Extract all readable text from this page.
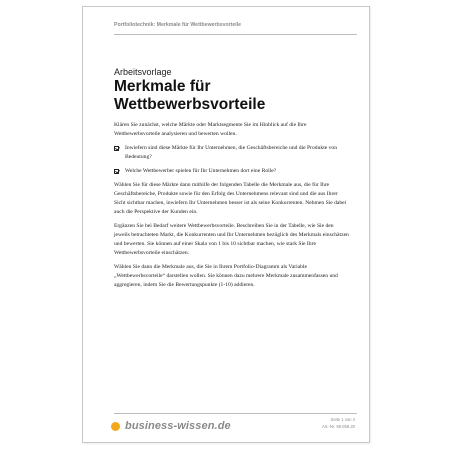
Portfoliotechnik: Merkmale für Wettbewerbsvorteile
Arbeitsvorlage
Merkmale für Wettbewerbsvorteile

Klären Sie zunächst, welche Märkte oder Marktsegmente Sie im Hinblick auf die Ihre Wettbewerbsvorteile analysieren und bewerten wollen.

Inwiefern sind diese Märkte für Ihr Unternehmen, die Geschäftsbereiche und die Produkte von Bedeutung?
Welche Wettbewerber spielen für Ihr Unternehmen dort eine Rolle?

Wählen Sie für diese Märkte dann mithilfe der folgenden Tabelle die Merkmale aus, die für Ihre Geschäftsbereiche, Produkte sowie für den Erfolg des Unternehmens relevant sind und die aus Ihrer Sicht sichtbar machen, inwiefern Ihr Unternehmen besser ist als seine Konkurrenten. Nehmen Sie dabei auch die Perspektive der Kunden ein.

Ergänzen Sie bei Bedarf weitere Wettbewerbsvorteile. Beschreiben Sie in der Tabelle, wie Sie den jeweils betrachteten Markt, die Konkurrenten und Ihr Unternehmen bezüglich des Merkmals einschätzen und bewerten. Sie können auf einer Skala von 1 bis 10 sichtbar machen, wie stark Sie Ihre Wettbewerbsvorteile einschätzen.

Wählen Sie dann die Merkmale aus, die Sie in Ihrem Portfolio-Diagramm als Variable „Wettbewerbsvorteile“ darstellen wollen. Sie können dazu mehrere Merkmale zusammenfassen und aggregieren, indem Sie die Bewertungspunkte (1-10) addieren.

business-wissen.de
Seite 1 von 4
Art.-Nr. 99.058.20
